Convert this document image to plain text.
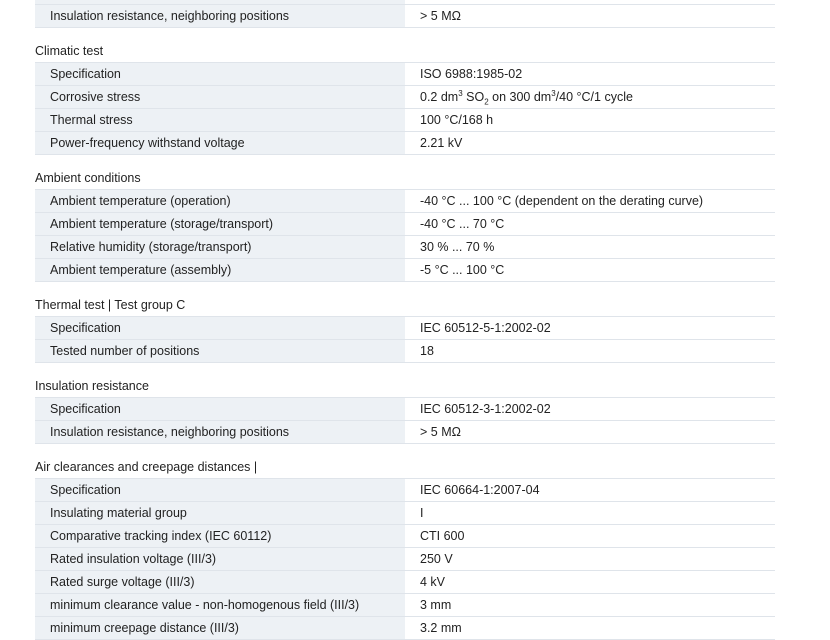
Insulation resistance, neighboring positions	> 5 MΩ
Climatic test
Specification	ISO 6988:1985-02
Corrosive stress	0.2 $dm^3$ $SO_2$ on 300 $dm^3/40$ °C/1 cycle
Thermal stress	100 °C/168 h
Power-frequency withstand voltage	2.21 kV
Ambient conditions
Ambient temperature (operation)	-40 °C ... 100 °C (dependent on the derating curve)
Ambient temperature (storage/transport)	-40 °C ... 70 °C
Relative humidity (storage/transport)	30 % ... 70 %
Ambient temperature (assembly)	-5 °C ... 100 °C
Thermal test | Test group C
Specification	IEC 60512-5-1:2002-02
Tested number of positions	18
Insulation resistance
Specification	IEC 60512-3-1:2002-02
Insulation resistance, neighboring positions	> 5 MΩ
Air clearances and creepage distances |
Specification	IEC 60664-1:2007-04
Insulating material group	I
Comparative tracking index (IEC 60112)	CTI 600
Rated insulation voltage (III/3)	250 V
Rated surge voltage (III/3)	4 kV
minimum clearance value - non-homogenous field (III/3)	3 mm
minimum creepage distance (III/3)	3.2 mm
